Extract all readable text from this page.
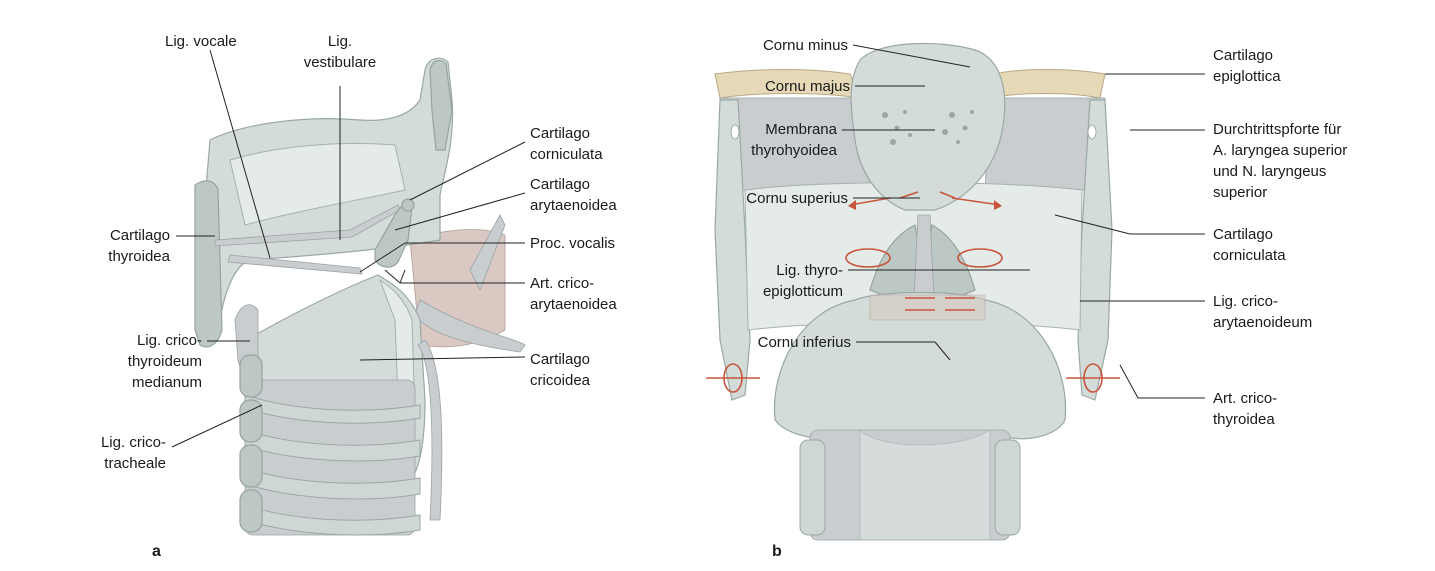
Lig. vocale	Lig.
vestibulare
Cartilago
thyroidea
Cartilago
corniculata
Cartilago
arytaenoidea
Proc. vocalis
Art. crico-
arytaenoidea
Lig. crico-
thyroideum
medianum
Cartilago
cricoidea
Lig. crico-
tracheale
a
Cornu minus
Cornu majus
Membrana
thyrohyoidea
Cornu superius
Lig. thyro-
epiglotticum
Cornu inferius
Cartilago
epiglottica
Durchtrittspforte für
A. laryngea superior
und N. laryngeus
superior
Cartilago
corniculata
Lig. crico-
arytaenoideum
Art. crico-
thyroidea
b
